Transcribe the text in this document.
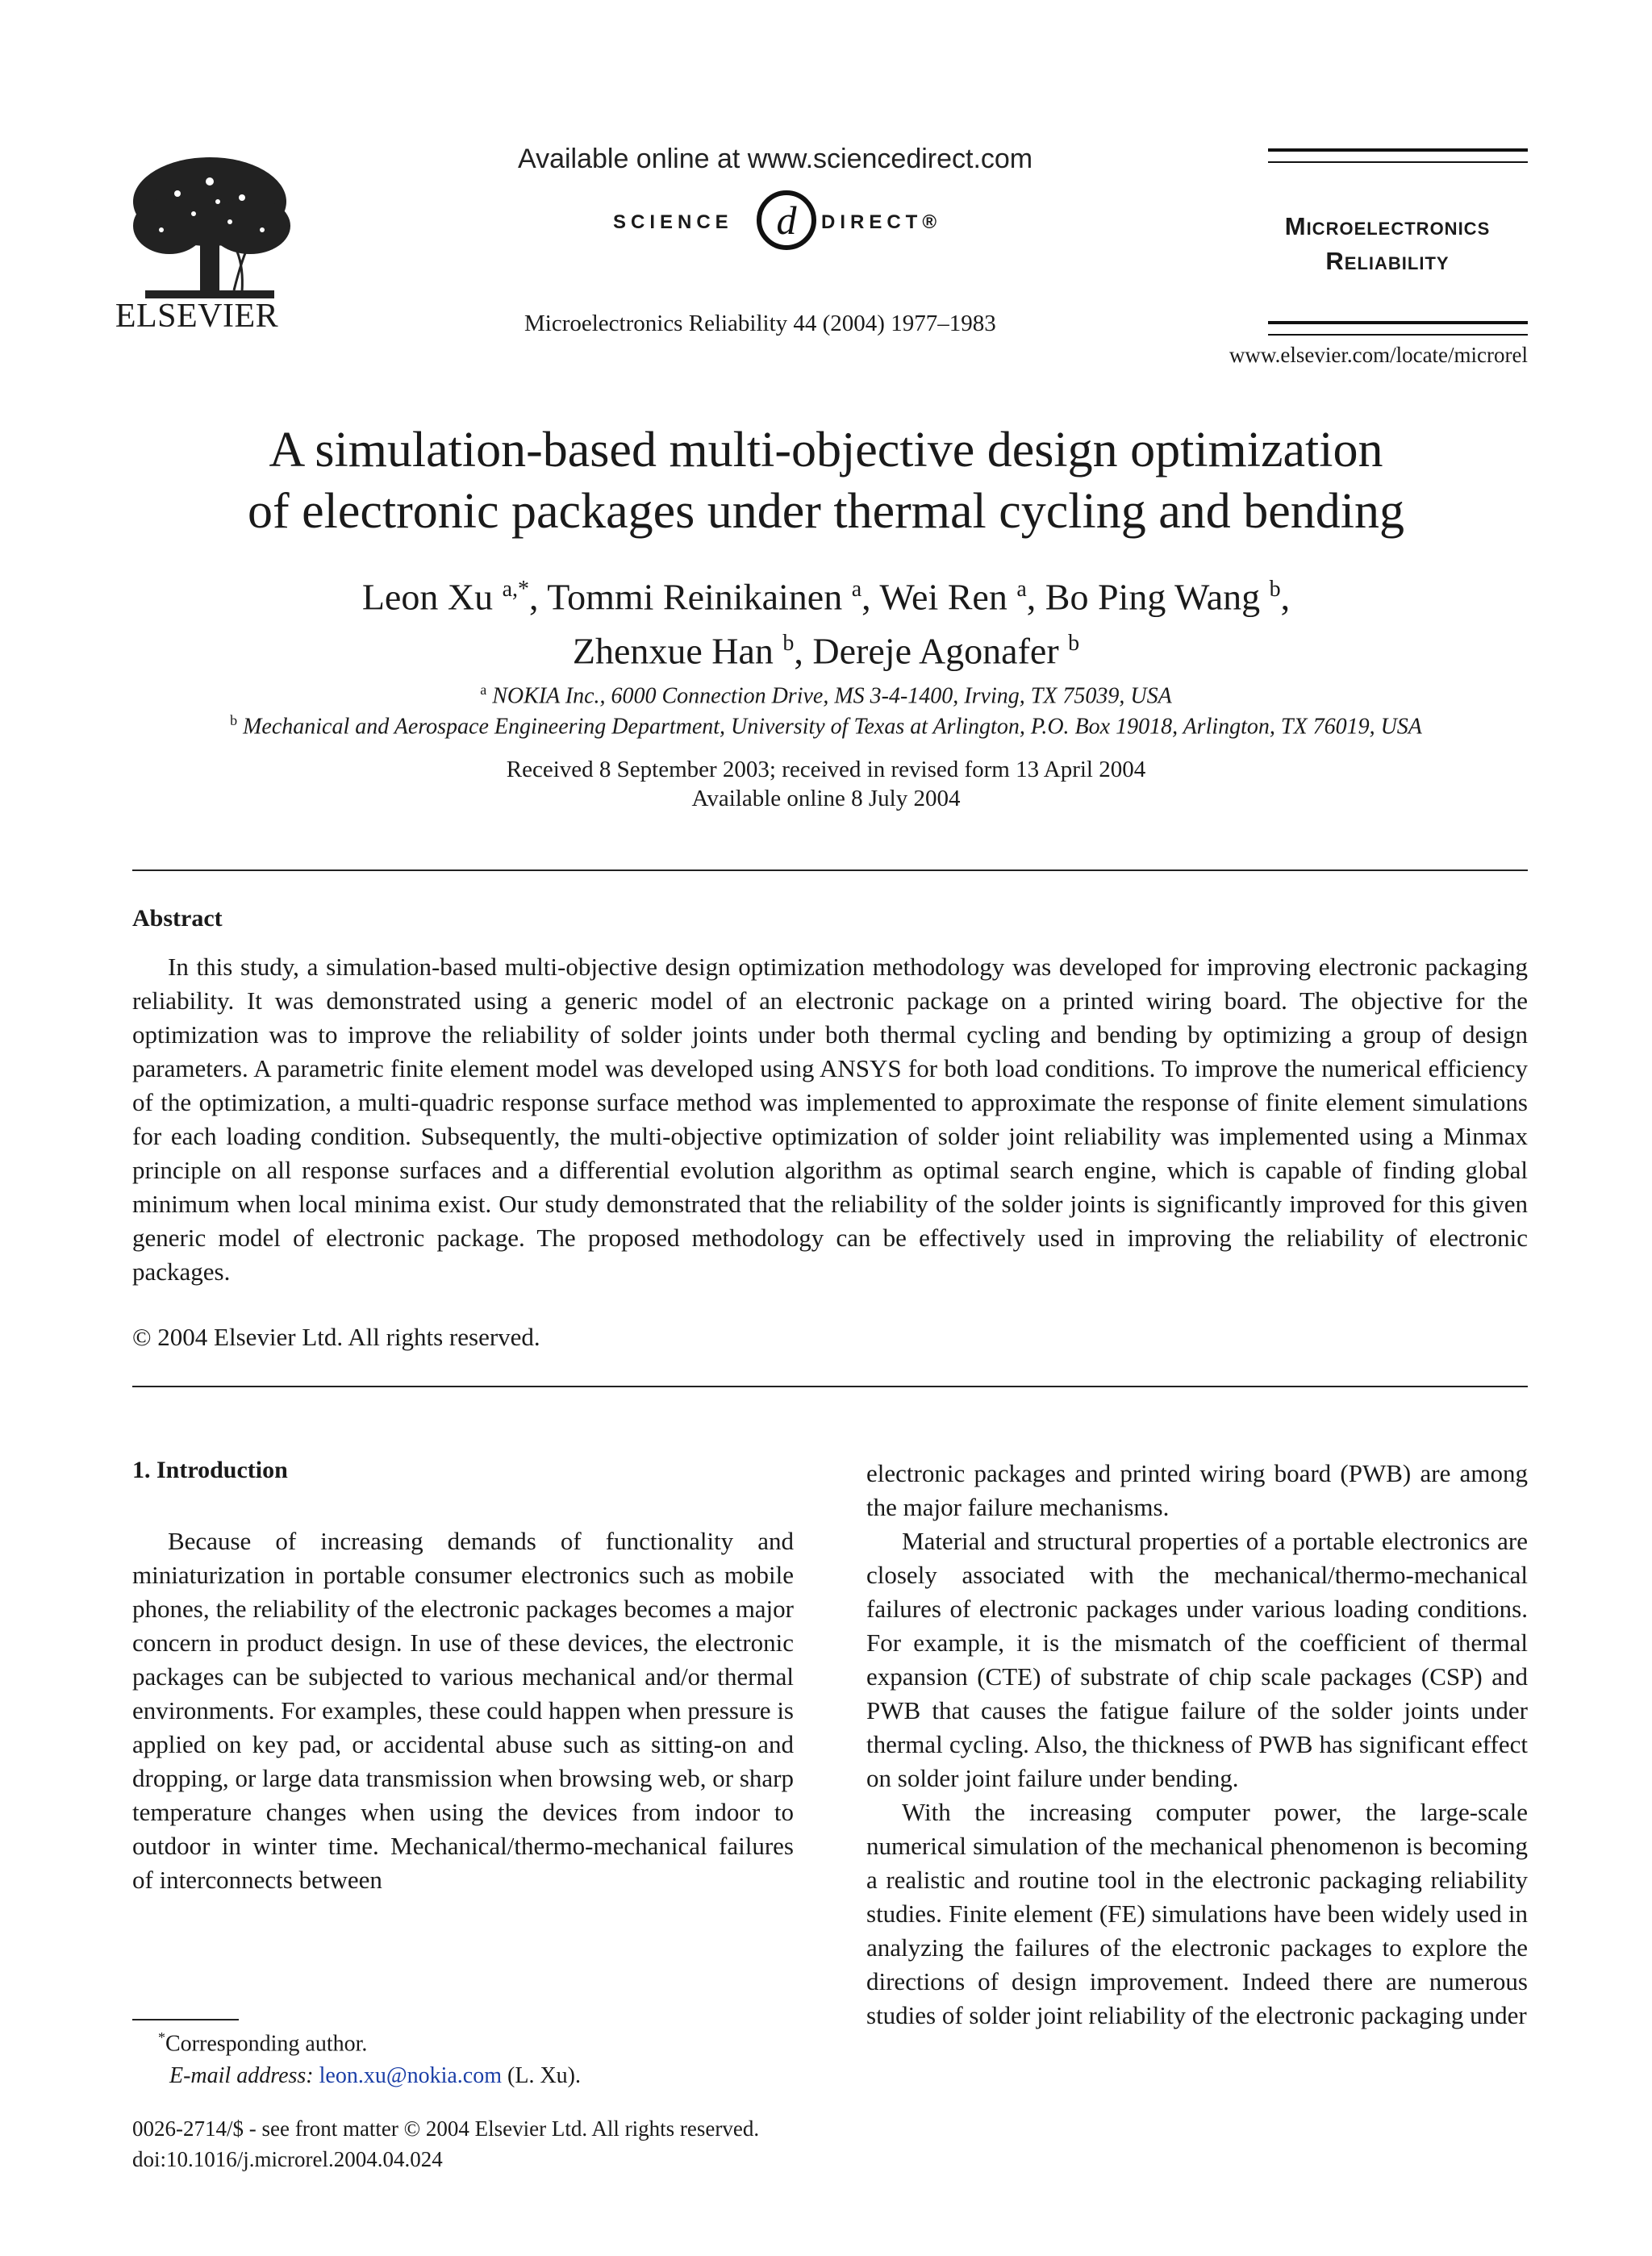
ELSEVIER
Available online at www.sciencedirect.com
SCIENCE d DIRECT®
Microelectronics Reliability 44 (2004) 1977–1983
Microelectronics
Reliability
www.elsevier.com/locate/microrel
A simulation-based multi-objective design optimization
of electronic packages under thermal cycling and bending
Leon Xu $^{a,*}$, Tommi Reinikainen $^a$, Wei Ren $^a$, Bo Ping Wang $^b$,
Zhenxue Han $^b$, Dereje Agonafer $^b$
$^a$ NOKIA Inc., 6000 Connection Drive, MS 3-4-1400, Irving, TX 75039, USA
$^b$ Mechanical and Aerospace Engineering Department, University of Texas at Arlington, P.O. Box 19018, Arlington, TX 76019, USA
Received 8 September 2003; received in revised form 13 April 2004
Available online 8 July 2004
Abstract
In this study, a simulation-based multi-objective design optimization methodology was developed for improving electronic packaging reliability. It was demonstrated using a generic model of an electronic package on a printed wiring board. The objective for the optimization was to improve the reliability of solder joints under both thermal cycling and bending by optimizing a group of design parameters. A parametric finite element model was developed using ANSYS for both load conditions. To improve the numerical efficiency of the optimization, a multi-quadric response surface method was implemented to approximate the response of finite element simulations for each loading condition. Subsequently, the multi-objective optimization of solder joint reliability was implemented using a Minmax principle on all response surfaces and a differential evolution algorithm as optimal search engine, which is capable of finding global minimum when local minima exist. Our study demonstrated that the reliability of the solder joints is significantly improved for this given generic model of electronic package. The proposed methodology can be effectively used in improving the reliability of electronic packages.
© 2004 Elsevier Ltd. All rights reserved.
1. Introduction

Because of increasing demands of functionality and miniaturization in portable consumer electronics such as mobile phones, the reliability of the electronic packages becomes a major concern in product design. In use of these devices, the electronic packages can be subjected to various mechanical and/or thermal environments. For examples, these could happen when pressure is applied on key pad, or accidental abuse such as sitting-on and dropping, or large data transmission when browsing web, or sharp temperature changes when using the devices from indoor to outdoor in winter time. Mechanical/thermo-mechanical failures of interconnects between

electronic packages and printed wiring board (PWB) are among the major failure mechanisms.

Material and structural properties of a portable electronics are closely associated with the mechanical/thermo-mechanical failures of electronic packages under various loading conditions. For example, it is the mismatch of the coefficient of thermal expansion (CTE) of substrate of chip scale packages (CSP) and PWB that causes the fatigue failure of the solder joints under thermal cycling. Also, the thickness of PWB has significant effect on solder joint failure under bending.

With the increasing computer power, the large-scale numerical simulation of the mechanical phenomenon is becoming a realistic and routine tool in the electronic packaging reliability studies. Finite element (FE) simulations have been widely used in analyzing the failures of the electronic packages to explore the directions of design improvement. Indeed there are numerous studies of solder joint reliability of the electronic packaging under

*Corresponding author.
E-mail address: leon.xu@nokia.com (L. Xu).
0026-2714/$ - see front matter © 2004 Elsevier Ltd. All rights reserved.
doi:10.1016/j.microrel.2004.04.024
